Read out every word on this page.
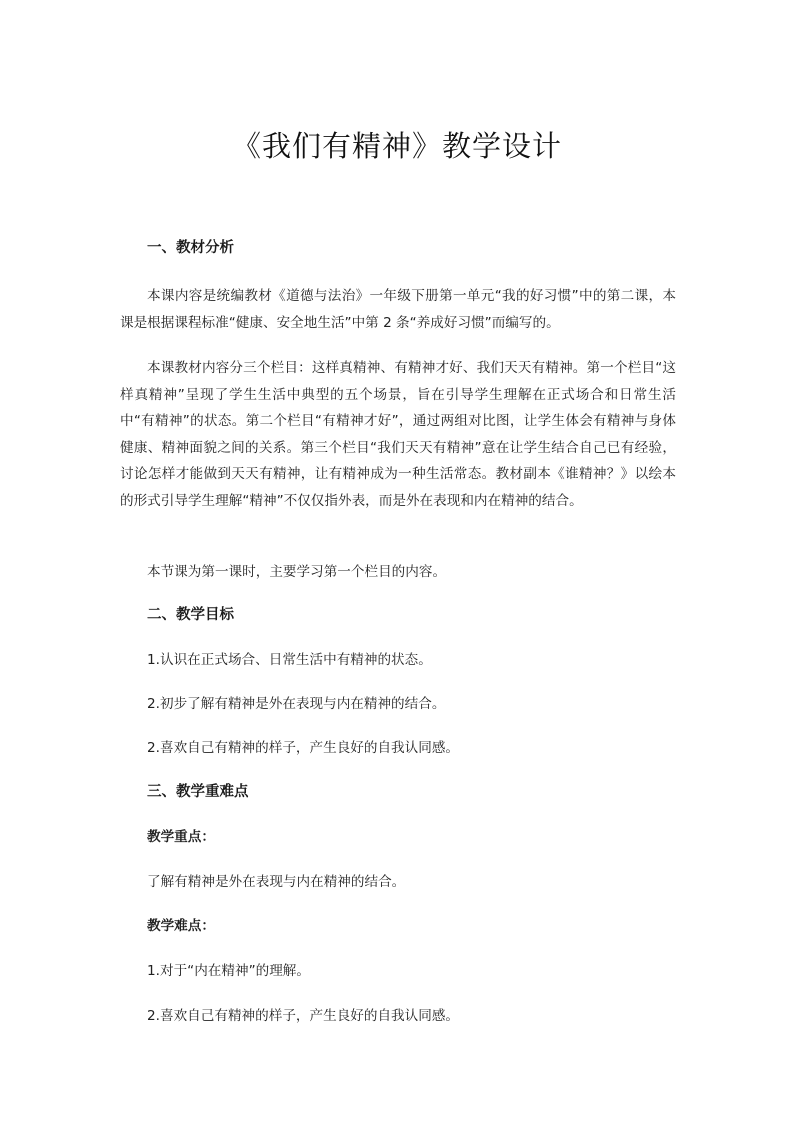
《我们有精神》教学设计
一、教材分析
本课内容是统编教材《道德与法治》一年级下册第一单元“我的好习惯”中的第二课，本课是根据课程标准“健康、安全地生活”中第 2 条“养成好习惯”而编写的。
本课教材内容分三个栏目：这样真精神、有精神才好、我们天天有精神。第一个栏目“这样真精神”呈现了学生生活中典型的五个场景，旨在引导学生理解在正式场合和日常生活中“有精神”的状态。第二个栏目“有精神才好”，通过两组对比图，让学生体会有精神与身体健康、精神面貌之间的关系。第三个栏目“我们天天有精神”意在让学生结合自己已有经验，讨论怎样才能做到天天有精神，让有精神成为一种生活常态。教材副本《谁精神？》以绘本的形式引导学生理解“精神”不仅仅指外表，而是外在表现和内在精神的结合。
本节课为第一课时，主要学习第一个栏目的内容。
二、教学目标
1.认识在正式场合、日常生活中有精神的状态。
2.初步了解有精神是外在表现与内在精神的结合。
2.喜欢自己有精神的样子，产生良好的自我认同感。
三、教学重难点
教学重点：
了解有精神是外在表现与内在精神的结合。
教学难点：
1.对于“内在精神”的理解。
2.喜欢自己有精神的样子，产生良好的自我认同感。
